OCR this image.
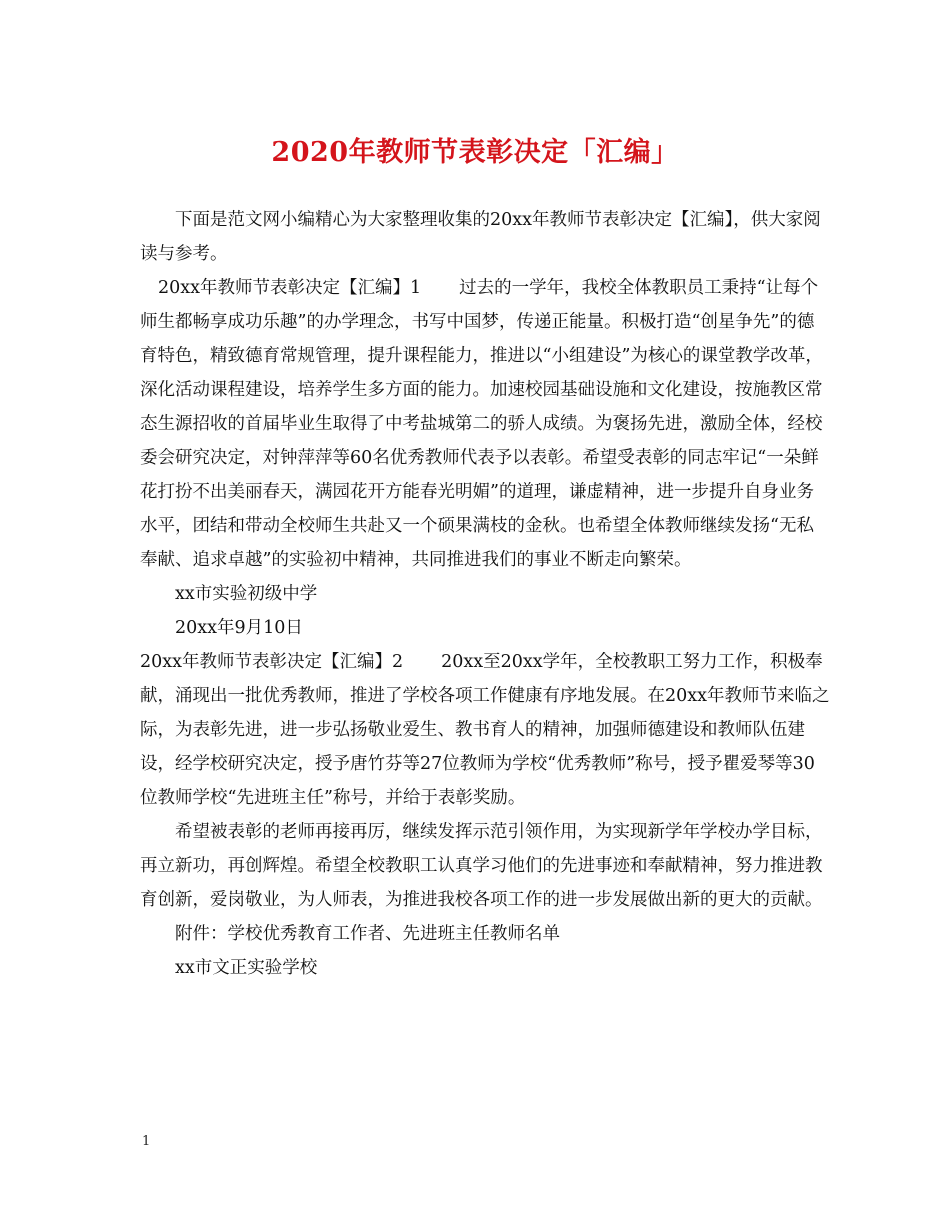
2020年教师节表彰决定「汇编」

下面是范文网小编精心为大家整理收集的20xx年教师节表彰决定【汇编】，供大家阅读与参考。

20xx年教师节表彰决定【汇编】1 过去的一学年，我校全体教职员工秉持“让每个师生都畅享成功乐趣”的办学理念，书写中国梦，传递正能量。积极打造“创星争先”的德育特色，精致德育常规管理，提升课程能力，推进以“小组建设”为核心的课堂教学改革，深化活动课程建设，培养学生多方面的能力。加速校园基础设施和文化建设，按施教区常态生源招收的首届毕业生取得了中考盐城第二的骄人成绩。为褒扬先进，激励全体，经校委会研究决定，对钟萍萍等60名优秀教师代表予以表彰。希望受表彰的同志牢记“一朵鲜花打扮不出美丽春天，满园花开方能春光明媚”的道理，谦虚精神，进一步提升自身业务水平，团结和带动全校师生共赴又一个硕果满枝的金秋。也希望全体教师继续发扬“无私奉献、追求卓越”的实验初中精神，共同推进我们的事业不断走向繁荣。

xx市实验初级中学

20xx年9月10日

20xx年教师节表彰决定【汇编】2 20xx至20xx学年，全校教职工努力工作，积极奉献，涌现出一批优秀教师，推进了学校各项工作健康有序地发展。在20xx年教师节来临之际，为表彰先进，进一步弘扬敬业爱生、教书育人的精神，加强师德建设和教师队伍建设，经学校研究决定，授予唐竹芬等27位教师为学校“优秀教师”称号，授予瞿爱琴等30位教师学校“先进班主任”称号，并给于表彰奖励。

希望被表彰的老师再接再厉，继续发挥示范引领作用，为实现新学年学校办学目标，再立新功，再创辉煌。希望全校教职工认真学习他们的先进事迹和奉献精神，努力推进教育创新，爱岗敬业，为人师表，为推进我校各项工作的进一步发展做出新的更大的贡献。

附件：学校优秀教育工作者、先进班主任教师名单

xx市文正实验学校

1
